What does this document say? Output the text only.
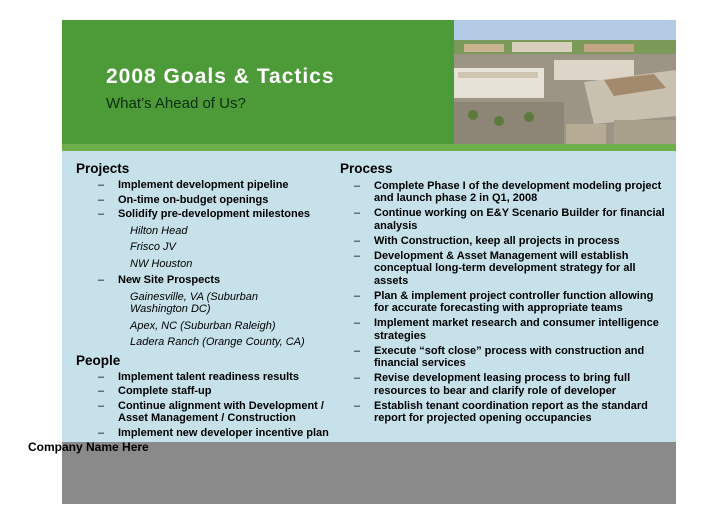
2008 Goals & Tactics
What’s Ahead of Us?
Projects
– Implement development pipeline
– On-time on-budget openings
– Solidify pre-development milestones
Hilton Head
Frisco JV
NW Houston
– New Site Prospects
Gainesville, VA (Suburban Washington DC)
Apex, NC (Suburban Raleigh)
Ladera Ranch (Orange County, CA)
People
– Implement talent readiness results
– Complete staff-up
– Continue alignment with Development / Asset Management / Construction
– Implement new developer incentive plan
Process
– Complete Phase I of the development modeling project and launch phase 2 in Q1, 2008
– Continue working on E&Y Scenario Builder for financial analysis
– With Construction, keep all projects in process
– Development & Asset Management will establish conceptual long-term development strategy for all assets
– Plan & implement project controller function allowing for accurate forecasting with appropriate teams
– Implement market research and consumer intelligence strategies
– Execute “soft close” process with construction and financial services
– Revise development leasing process to bring full resources to bear and clarify role of developer
– Establish tenant coordination report as the standard report for projected opening occupancies
Company Name Here
